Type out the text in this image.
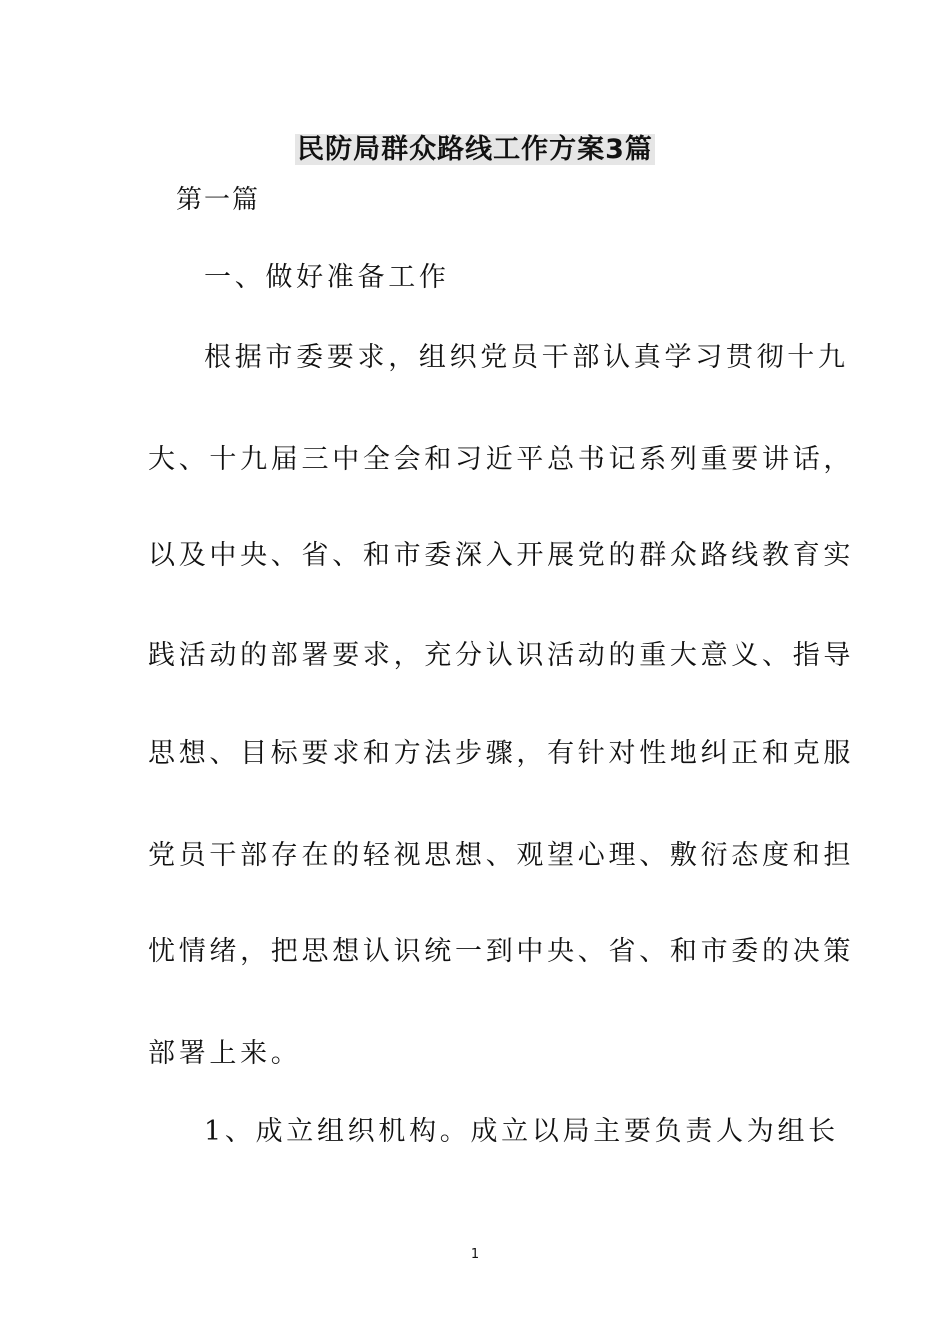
民防局群众路线工作方案3篇
第一篇
一、做好准备工作
根据市委要求，组织党员干部认真学习贯彻十九
大、十九届三中全会和习近平总书记系列重要讲话，
以及中央、省、和市委深入开展党的群众路线教育实
践活动的部署要求，充分认识活动的重大意义、指导
思想、目标要求和方法步骤，有针对性地纠正和克服
党员干部存在的轻视思想、观望心理、敷衍态度和担
忧情绪，把思想认识统一到中央、省、和市委的决策
部署上来。
1、成立组织机构。成立以局主要负责人为组长
1
